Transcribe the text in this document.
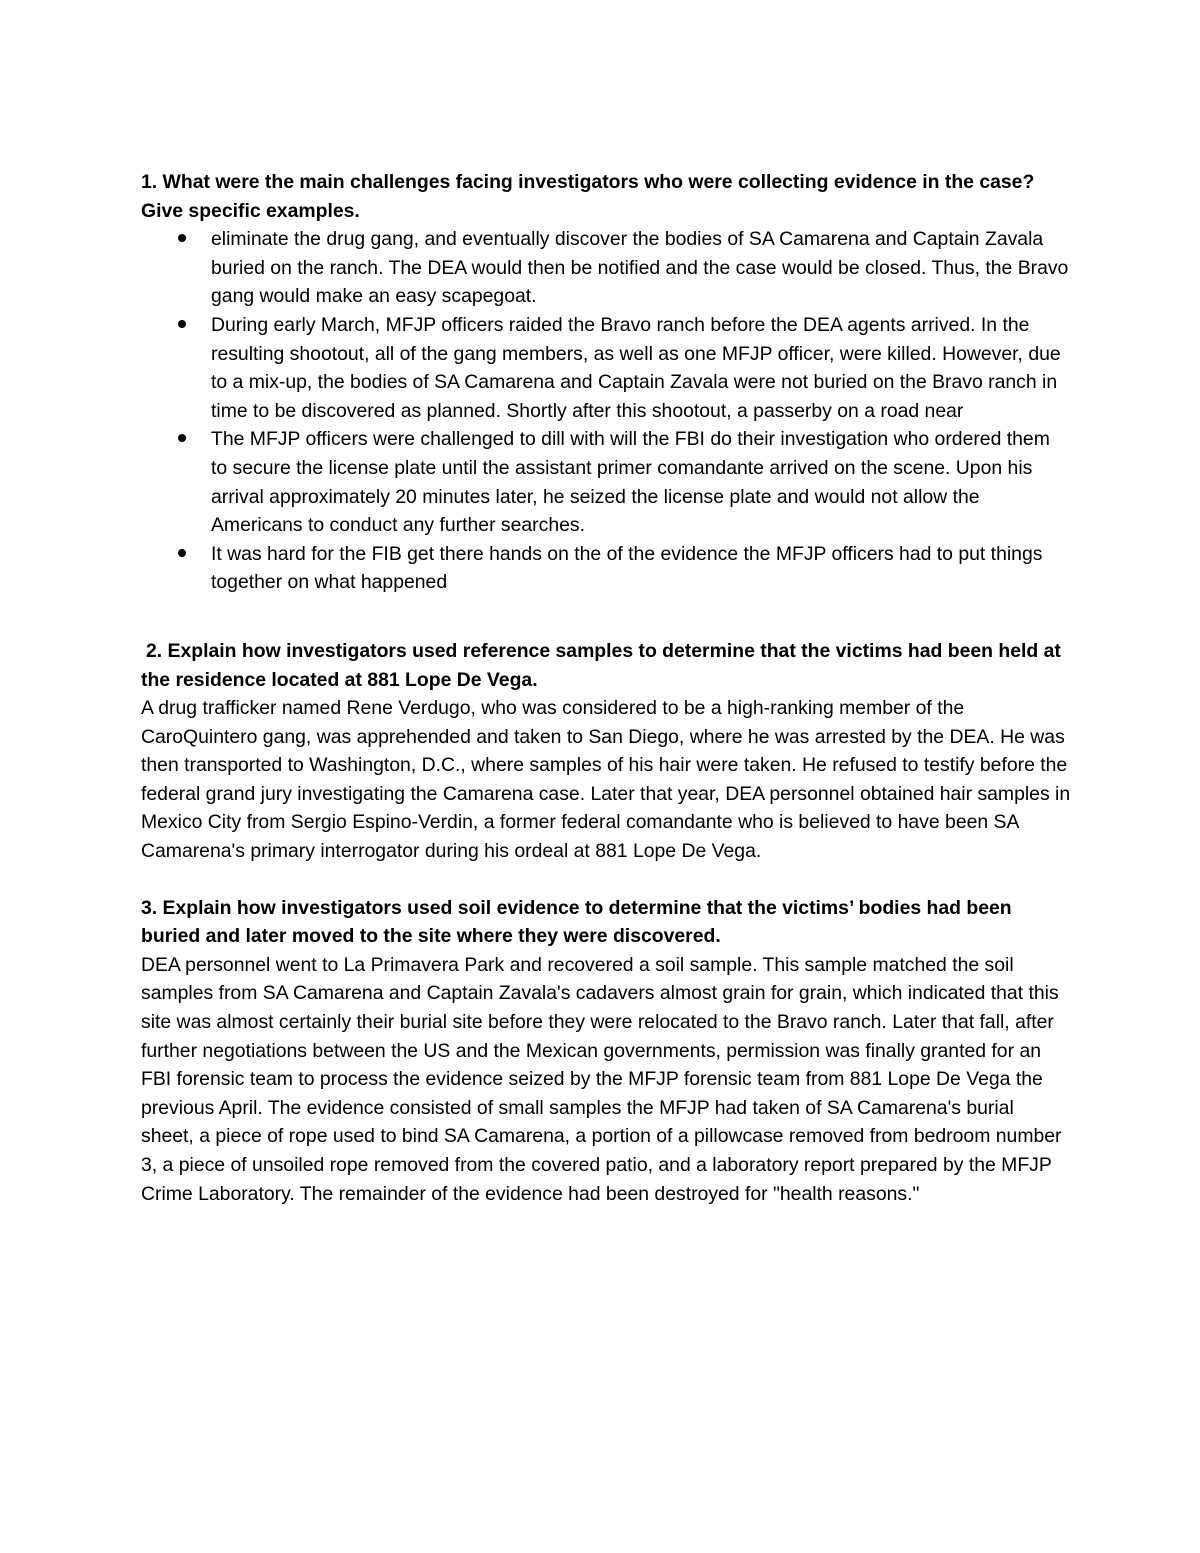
1. What were the main challenges facing investigators who were collecting evidence in the case? Give specific examples.

eliminate the drug gang, and eventually discover the bodies of SA Camarena and Captain Zavala buried on the ranch. The DEA would then be notified and the case would be closed. Thus, the Bravo gang would make an easy scapegoat.
During early March, MFJP officers raided the Bravo ranch before the DEA agents arrived. In the resulting shootout, all of the gang members, as well as one MFJP officer, were killed. However, due to a mix-up, the bodies of SA Camarena and Captain Zavala were not buried on the Bravo ranch in time to be discovered as planned. Shortly after this shootout, a passerby on a road near
The MFJP officers were challenged to dill with will the FBI do their investigation who ordered them to secure the license plate until the assistant primer comandante arrived on the scene. Upon his arrival approximately 20 minutes later, he seized the license plate and would not allow the Americans to conduct any further searches.
It was hard for the FIB get there hands on the of the evidence the MFJP officers had to put things together on what happened

2. Explain how investigators used reference samples to determine that the victims had been held at the residence located at 881 Lope De Vega.

A drug trafficker named Rene Verdugo, who was considered to be a high-ranking member of the CaroQuintero gang, was apprehended and taken to San Diego, where he was arrested by the DEA. He was then transported to Washington, D.C., where samples of his hair were taken. He refused to testify before the federal grand jury investigating the Camarena case. Later that year, DEA personnel obtained hair samples in Mexico City from Sergio Espino-Verdin, a former federal comandante who is believed to have been SA Camarena's primary interrogator during his ordeal at 881 Lope De Vega.

3. Explain how investigators used soil evidence to determine that the victims’ bodies had been buried and later moved to the site where they were discovered.

DEA personnel went to La Primavera Park and recovered a soil sample. This sample matched the soil samples from SA Camarena and Captain Zavala's cadavers almost grain for grain, which indicated that this site was almost certainly their burial site before they were relocated to the Bravo ranch. Later that fall, after further negotiations between the US and the Mexican governments, permission was finally granted for an FBI forensic team to process the evidence seized by the MFJP forensic team from 881 Lope De Vega the previous April. The evidence consisted of small samples the MFJP had taken of SA Camarena's burial sheet, a piece of rope used to bind SA Camarena, a portion of a pillowcase removed from bedroom number 3, a piece of unsoiled rope removed from the covered patio, and a laboratory report prepared by the MFJP Crime Laboratory. The remainder of the evidence had been destroyed for "health reasons."
